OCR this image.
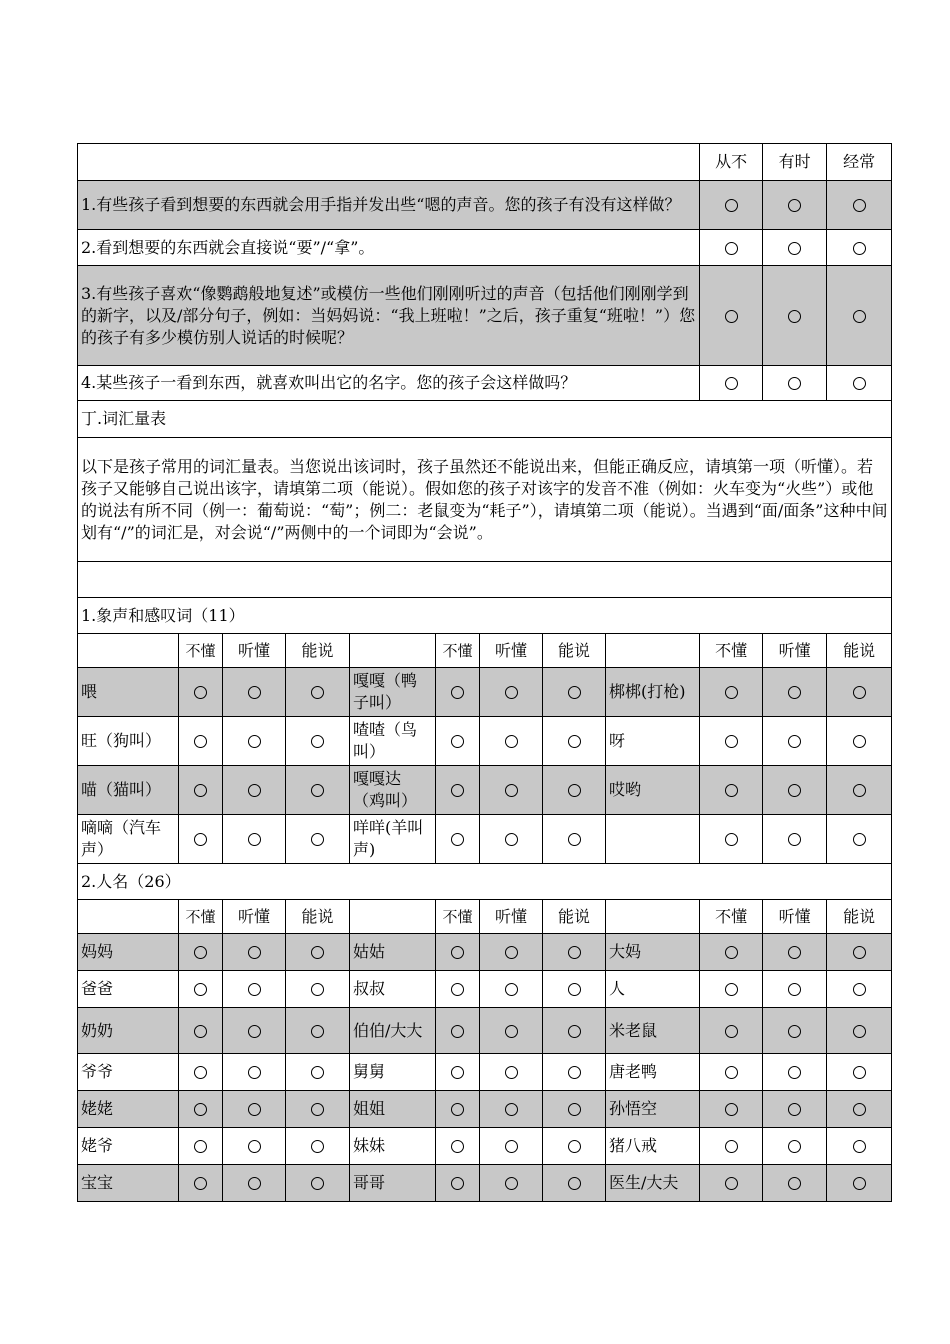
									从不	有时	经常
1.有些孩子看到想要的东西就会用手指并发出些“嗯的声音。您的孩子有没有这样做？											
2.看到想要的东西就会直接说“要”/“拿”。											
3.有些孩子喜欢“像鹦鹉般地复述”或模仿一些他们刚刚听过的声音（包括他们刚刚学到的新字，以及/部分句子，例如：当妈妈说：“我上班啦！”之后，孩子重复“班啦！”）您的孩子有多少模仿别人说话的时候呢？											
4.某些孩子一看到东西，就喜欢叫出它的名字。您的孩子会这样做吗？											
丁.词汇量表											
以下是孩子常用的词汇量表。当您说出该词时，孩子虽然还不能说出来，但能正确反应，请填第一项（听懂）。若孩子又能够自己说出该字，请填第二项（能说）。假如您的孩子对该字的发音不准（例如：火车变为“火些”）或他的说法有所不同（例一：葡萄说：“萄”；例二：老鼠变为“耗子”），请填第二项（能说）。当遇到“面/面条”这种中间划有“/”的词汇是，对会说“/”两侧中的一个词即为“会说”。											

1.象声和感叹词（11）											
	不懂	听懂	能说		不懂	听懂	能说		不懂	听懂	能说
喂				嘎嘎（鸭子叫）				梆梆(打枪)			
旺（狗叫）				喳喳（鸟叫）				呀			
喵（猫叫）				嘎嘎达（鸡叫）				哎哟			
嘀嘀（汽车声）				咩咩(羊叫声)							
2.人名（26）											
	不懂	听懂	能说		不懂	听懂	能说		不懂	听懂	能说
妈妈				姑姑				大妈			
爸爸				叔叔				人			
奶奶				伯伯/大大				米老鼠			
爷爷				舅舅				唐老鸭			
姥姥				姐姐				孙悟空			
姥爷				妹妹				猪八戒			
宝宝				哥哥				医生/大夫			
